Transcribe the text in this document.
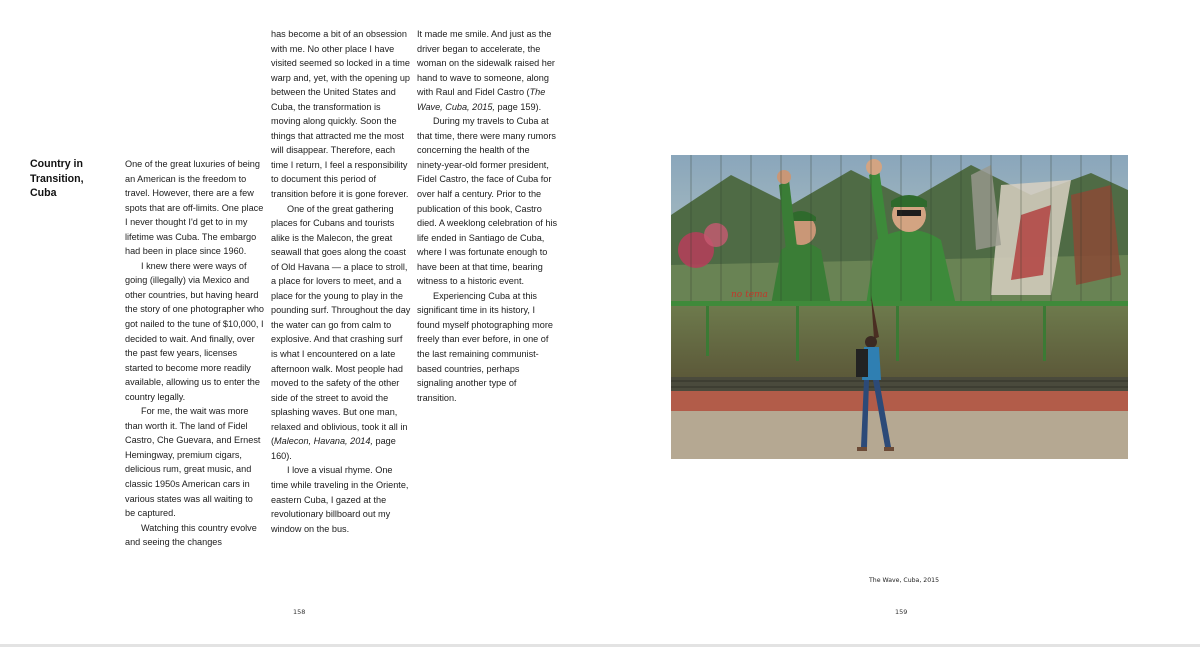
Country in Transition, Cuba

One of the great luxuries of being an American is the freedom to travel. However, there are a few spots that are off-limits. One place I never thought I'd get to in my lifetime was Cuba. The embargo had been in place since 1960.

I knew there were ways of going (illegally) via Mexico and other countries, but having heard the story of one photographer who got nailed to the tune of $10,000, I decided to wait. And finally, over the past few years, licenses started to become more readily available, allowing us to enter the country legally.

For me, the wait was more than worth it. The land of Fidel Castro, Che Guevara, and Ernest Hemingway, premium cigars, delicious rum, great music, and classic 1950s American cars in various states was all waiting to be captured.

Watching this country evolve and seeing the changes

has become a bit of an obsession with me. No other place I have visited seemed so locked in a time warp and, yet, with the opening up between the United States and Cuba, the transformation is moving along quickly. Soon the things that attracted me the most will disappear. Therefore, each time I return, I feel a responsibility to document this period of transition before it is gone forever.

One of the great gathering places for Cubans and tourists alike is the Malecon, the great seawall that goes along the coast of Old Havana — a place to stroll, a place for lovers to meet, and a place for the young to play in the pounding surf. Throughout the day the water can go from calm to explosive. And that crashing surf is what I encountered on a late afternoon walk. Most people had moved to the safety of the other side of the street to avoid the splashing waves. But one man, relaxed and oblivious, took it all in (Malecon, Havana, 2014, page 160).

I love a visual rhyme. One time while traveling in the Oriente, eastern Cuba, I gazed at the revolutionary billboard out my window on the bus.

It made me smile. And just as the driver began to accelerate, the woman on the sidewalk raised her hand to wave to someone, along with Raul and Fidel Castro (The Wave, Cuba, 2015, page 159).

During my travels to Cuba at that time, there were many rumors concerning the health of the ninety-year-old former president, Fidel Castro, the face of Cuba for over half a century. Prior to the publication of this book, Castro died. A weeklong celebration of his life ended in Santiago de Cuba, where I was fortunate enough to have been at that time, bearing witness to a historic event.

Experiencing Cuba at this significant time in its history, I found myself photographing more freely than ever before, in one of the last remaining communist-based countries, perhaps signaling another type of transition.

158
no tema
The Wave, Cuba, 2015
159
